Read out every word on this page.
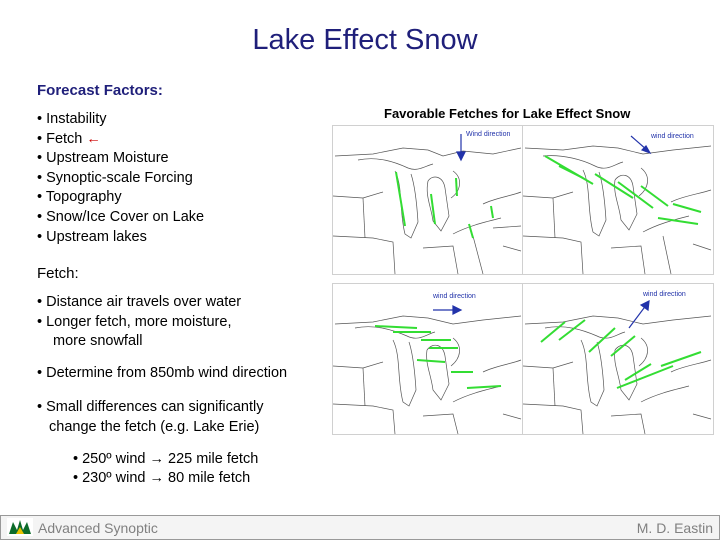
Lake Effect Snow
Forecast Factors:
• Instability
• Fetch ←
• Upstream Moisture
• Synoptic-scale Forcing
• Topography
• Snow/Ice Cover on Lake
• Upstream lakes
Favorable Fetches for Lake Effect Snow
Wind direction	wind direction
wind direction	wind direction
Fetch:
• Distance air travels over water
• Longer fetch, more moisture,
more snowfall
• Determine from 850mb wind direction
• Small differences can significantly
change the fetch (e.g. Lake Erie)
• 250º wind → 225 mile fetch
• 230º wind → 80 mile fetch
Advanced Synoptic	M. D. Eastin
